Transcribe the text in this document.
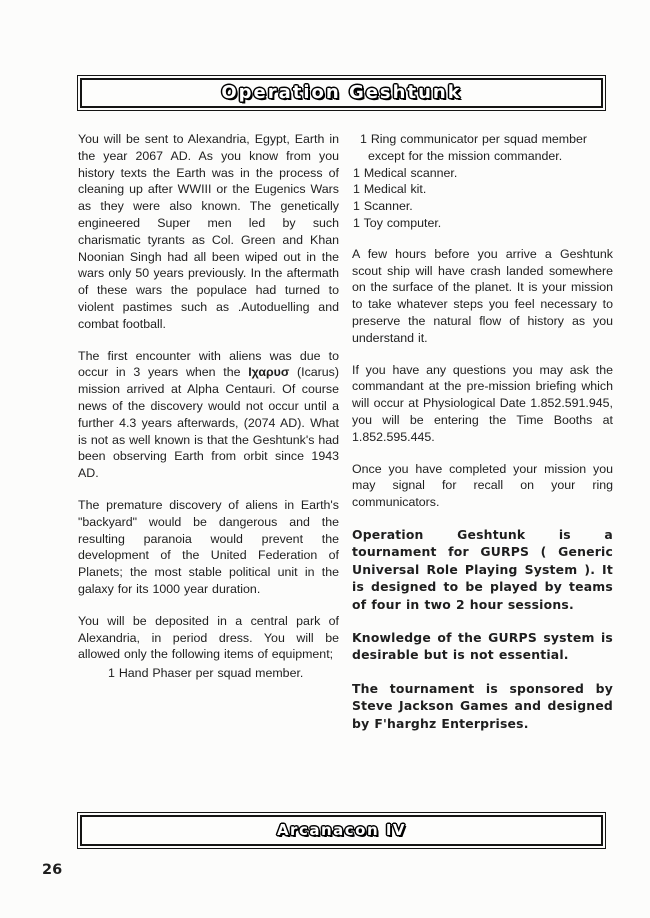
Operation Geshtunk

You will be sent to Alexandria, Egypt, Earth in the year 2067 AD. As you know from you history texts the Earth was in the process of cleaning up after WWIII or the Eugenics Wars as they were also known. The genetically engineered Super men led by such charismatic tyrants as Col. Green and Khan Noonian Singh had all been wiped out in the wars only 50 years previously. In the aftermath of these wars the populace had turned to violent pastimes such as .Autoduelling and combat football.

The first encounter with aliens was due to occur in 3 years when the Ιχαρυσ (Icarus) mission arrived at Alpha Centauri. Of course news of the discovery would not occur until a further 4.3 years afterwards, (2074 AD). What is not as well known is that the Geshtunk's had been observing Earth from orbit since 1943 AD.

The premature discovery of aliens in Earth's "backyard" would be dangerous and the resulting paranoia would prevent the development of the United Federation of Planets; the most stable political unit in the galaxy for its 1000 year duration.

You will be deposited in a central park of Alexandria, in period dress. You will be allowed only the following items of equipment;

1 Hand Phaser per squad member.
1 Ring communicator per squad member except for the mission commander.
1 Medical scanner.
1 Medical kit.
1 Scanner.
1 Toy computer.

A few hours before you arrive a Geshtunk scout ship will have crash landed somewhere on the surface of the planet. It is your mission to take whatever steps you feel necessary to preserve the natural flow of history as you understand it.

If you have any questions you may ask the commandant at the pre-mission briefing which will occur at Physiological Date 1.852.591.945, you will be entering the Time Booths at 1.852.595.445.

Once you have completed your mission you may signal for recall on your ring communicators.

Operation Geshtunk is a tournament for GURPS ( Generic Universal Role Playing System ). It is designed to be played by teams of four in two 2 hour sessions.

Knowledge of the GURPS system is desirable but is not essential.

The tournament is sponsored by Steve Jackson Games and designed by F'harghz Enterprises.

Arcanacon IV
26
